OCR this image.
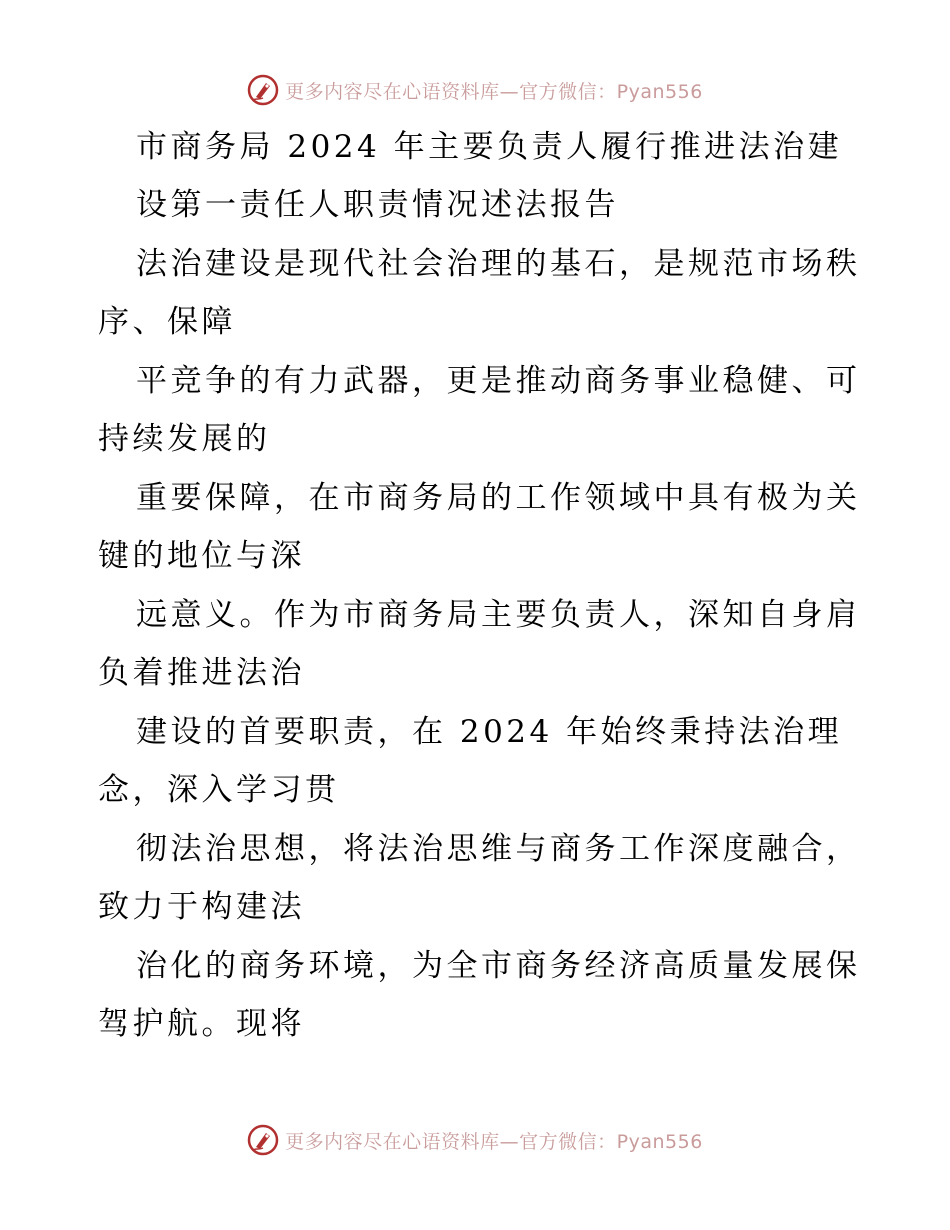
更多内容尽在心语资料库—官方微信：Pyan556
市商务局 2024 年主要负责人履行推进法治建
设第一责任人职责情况述法报告
法治建设是现代社会治理的基石，是规范市场秩
序、保障
平竞争的有力武器，更是推动商务事业稳健、可
持续发展的
重要保障，在市商务局的工作领域中具有极为关
键的地位与深
远意义。作为市商务局主要负责人，深知自身肩
负着推进法治
建设的首要职责，在 2024 年始终秉持法治理
念，深入学习贯
彻法治思想，将法治思维与商务工作深度融合，
致力于构建法
治化的商务环境，为全市商务经济高质量发展保
驾护航。现将
更多内容尽在心语资料库—官方微信：Pyan556
